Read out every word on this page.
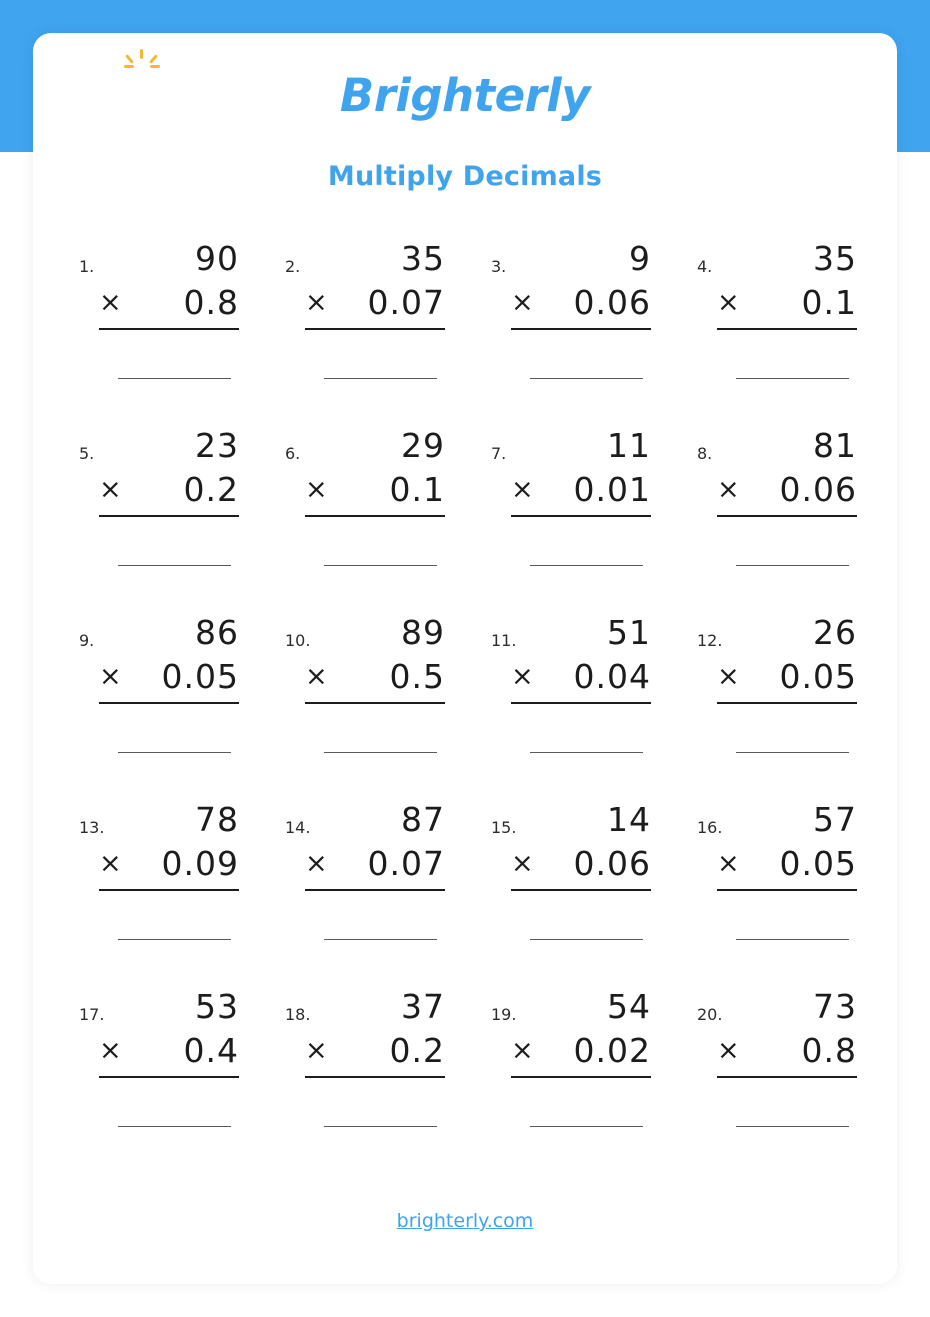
Brighterly
Multiply Decimals
1.	90
× 0.8
2.	35
× 0.07
3.	9
× 0.06
4.	35
× 0.1
5.	23
× 0.2
6.	29
× 0.1
7.	11
× 0.01
8.	81
× 0.06
9.	86
× 0.05
10.	89
× 0.5
11.	51
× 0.04
12.	26
× 0.05
13.	78
× 0.09
14.	87
× 0.07
15.	14
× 0.06
16.	57
× 0.05
17.	53
× 0.4
18.	37
× 0.2
19.	54
× 0.02
20.	73
× 0.8
brighterly.com
